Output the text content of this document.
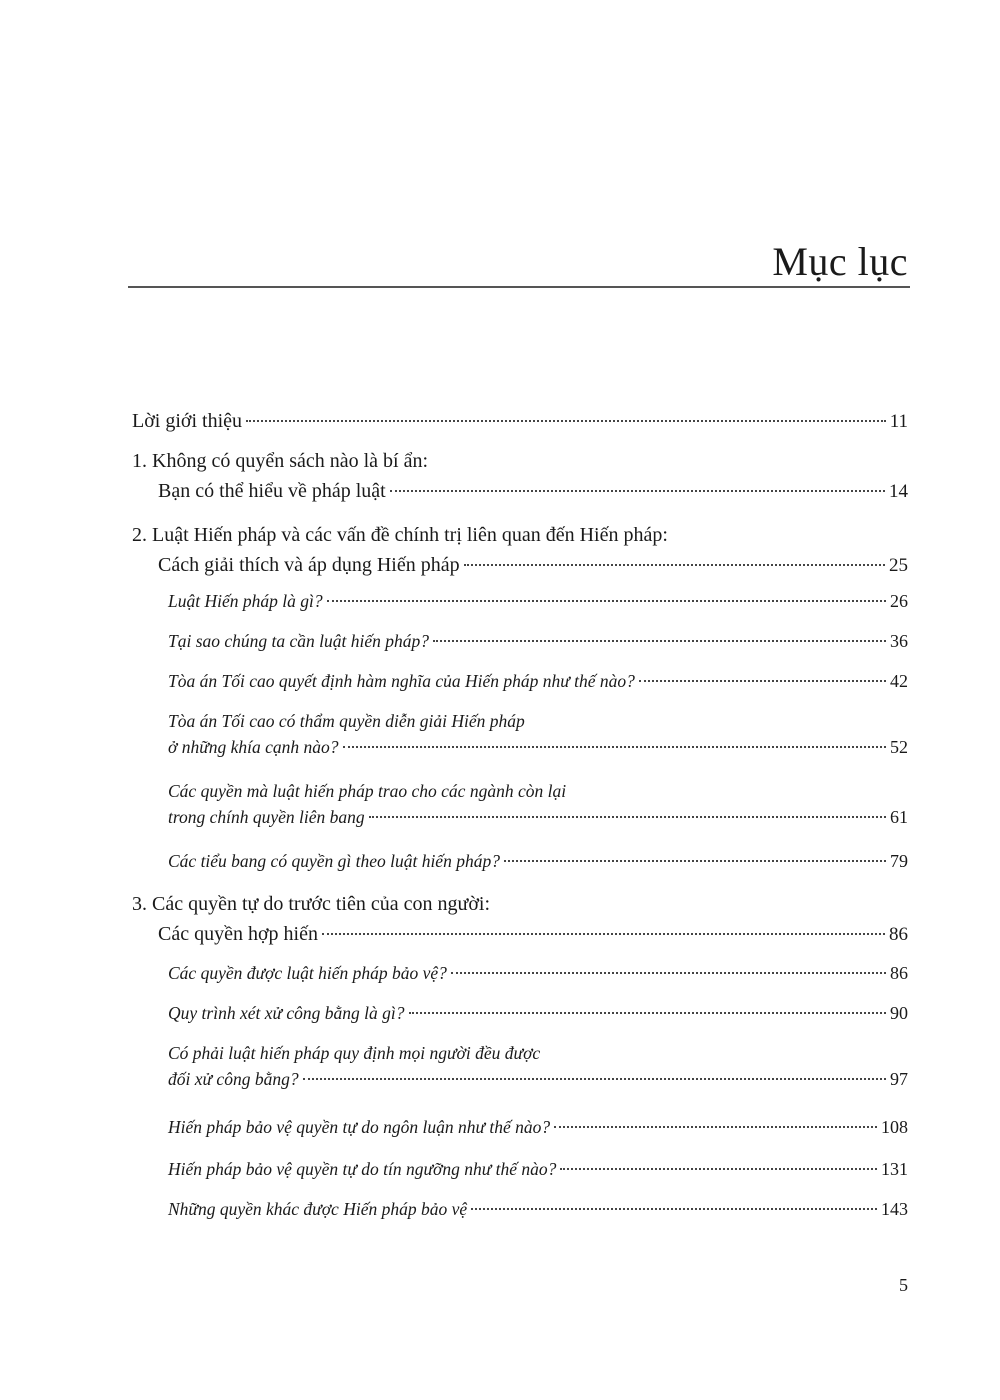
Mục lục
Lời giới thiệu	11
1. Không có quyển sách nào là bí ẩn:
Bạn có thể hiểu về pháp luật	14
2. Luật Hiến pháp và các vấn đề chính trị liên quan đến Hiến pháp:
Cách giải thích và áp dụng Hiến pháp	25
Luật Hiến pháp là gì?	26
Tại sao chúng ta cần luật hiến pháp?	36
Tòa án Tối cao quyết định hàm nghĩa của Hiến pháp như thế nào?	42
Tòa án Tối cao có thẩm quyền diễn giải Hiến pháp
ở những khía cạnh nào?	52
Các quyền mà luật hiến pháp trao cho các ngành còn lại
trong chính quyền liên bang	61
Các tiểu bang có quyền gì theo luật hiến pháp?	79
3. Các quyền tự do trước tiên của con người:
Các quyền hợp hiến	86
Các quyền được luật hiến pháp bảo vệ?	86
Quy trình xét xử công bằng là gì?	90
Có phải luật hiến pháp quy định mọi người đều được
đối xử công bằng?	97
Hiến pháp bảo vệ quyền tự do ngôn luận như thế nào?	108
Hiến pháp bảo vệ quyền tự do tín ngưỡng như thế nào?	131
Những quyền khác được Hiến pháp bảo vệ	143
5
